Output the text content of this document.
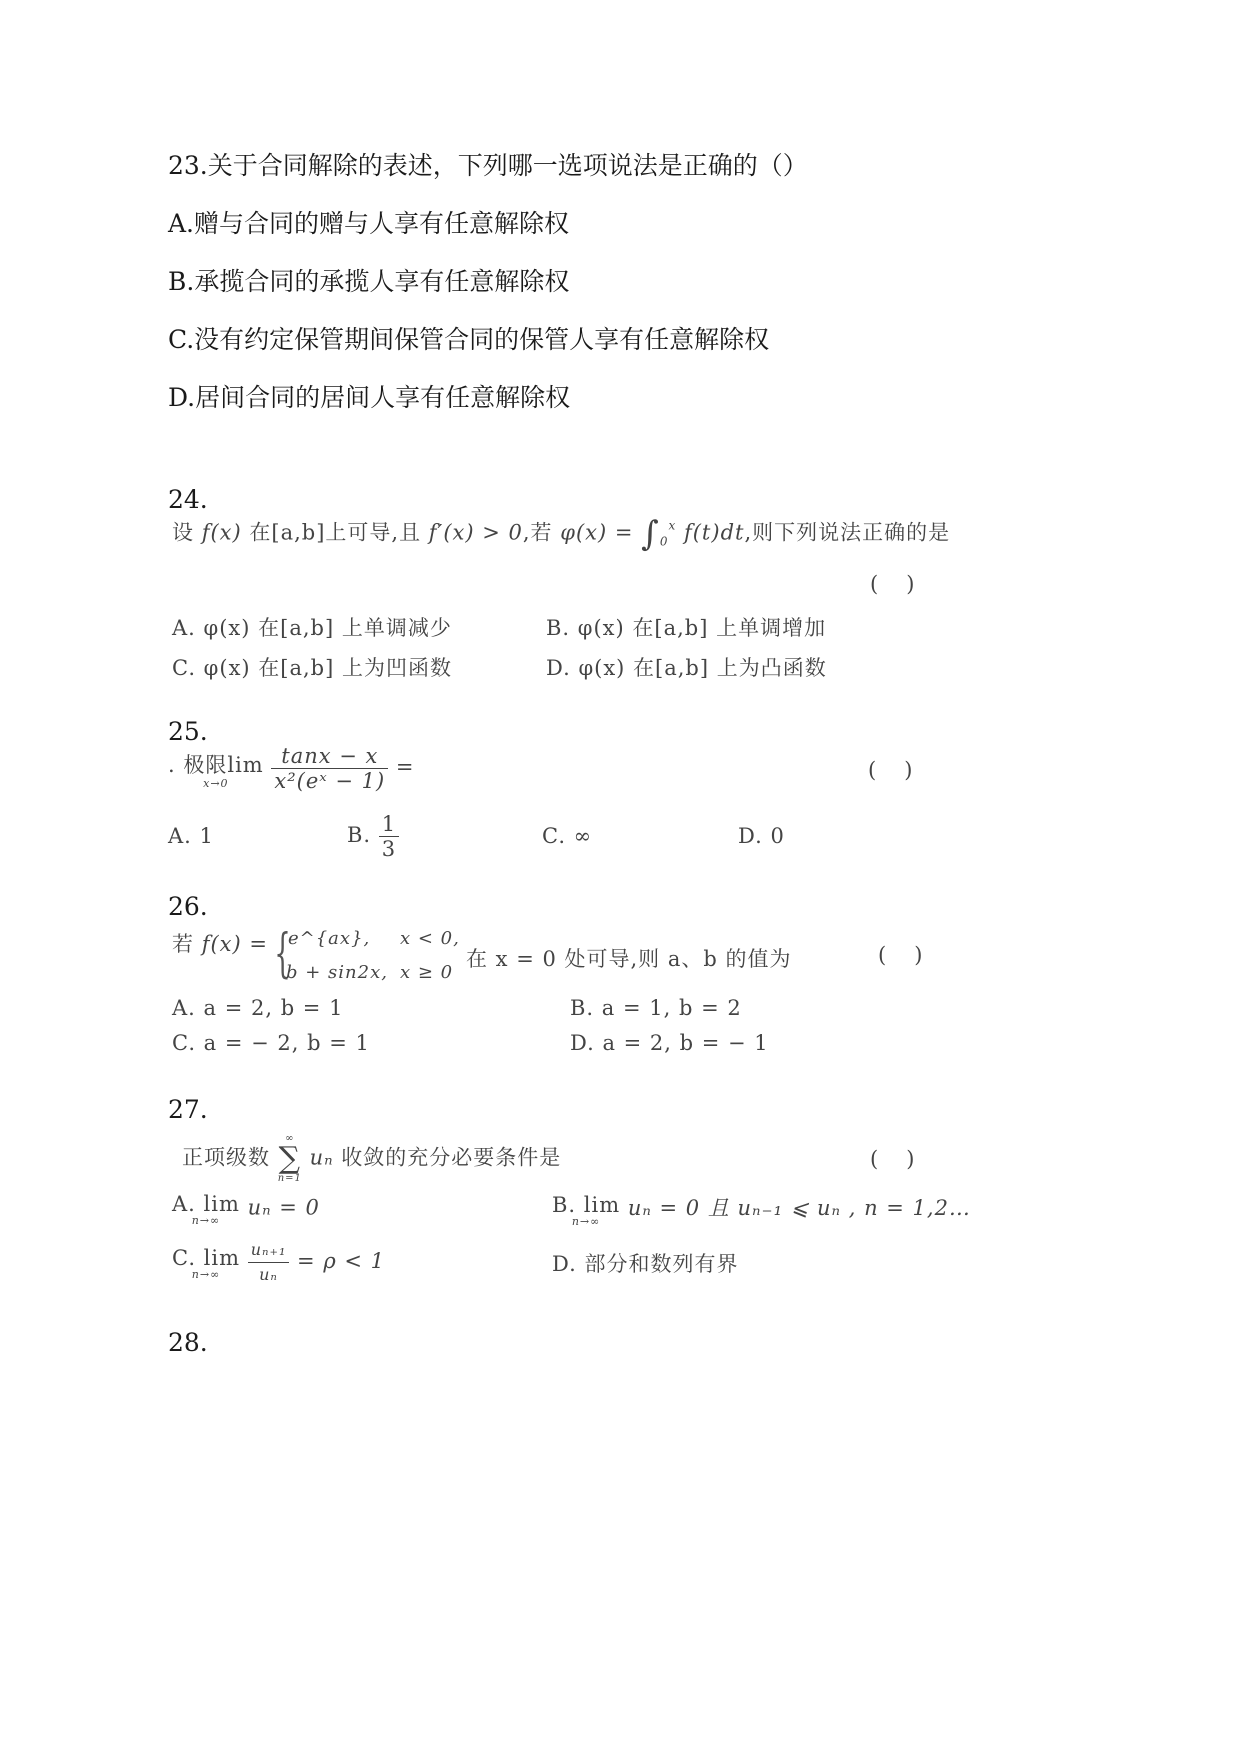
23.关于合同解除的表述，下列哪一选项说法是正确的（）
A.赠与合同的赠与人享有任意解除权
B.承揽合同的承揽人享有任意解除权
C.没有约定保管期间保管合同的保管人享有任意解除权
D.居间合同的居间人享有任意解除权
24.
设 f(x) 在[a,b]上可导,且 f′(x) > 0,若 $\varphi(x) = \int_0^x$ f(t)dt,则下列说法正确的是
()
A. φ(x) 在[a,b] 上单调减少	B. φ(x) 在[a,b] 上单调增加
C. φ(x) 在[a,b] 上为凹函数	D. φ(x) 在[a,b] 上为凸函数
25.
. 极限lim
x→0
	$\frac{\tan x - x}{\text{x²(eˣ − 1)}}$ =	()
A. 1	B. $\frac{1}{3}$	C. ∞	D. 0
26.
若 f(x) = {
e^{ax}, x < 0,
b + sin2x, x ≥ 0
在 x = 0 处可导,则 a、b 的值为	()
A. a = 2, b = 1	B. a = 1, b = 2
C. a = − 2, b = 1	D. a = 2, b = − 1
27.
正项级数
∞
∑
n=1
uₙ 收敛的充分必要条件是	()
A. lim
n→∞
uₙ = 0	B. lim
n→∞
uₙ = 0 且 uₙ₋₁ ⩽ uₙ , n = 1,2…
C. lim
n→∞
	$\frac{\text{uₙ₊₁}}{\text{uₙ}} = \rho < 1$	D. 部分和数列有界
28.
